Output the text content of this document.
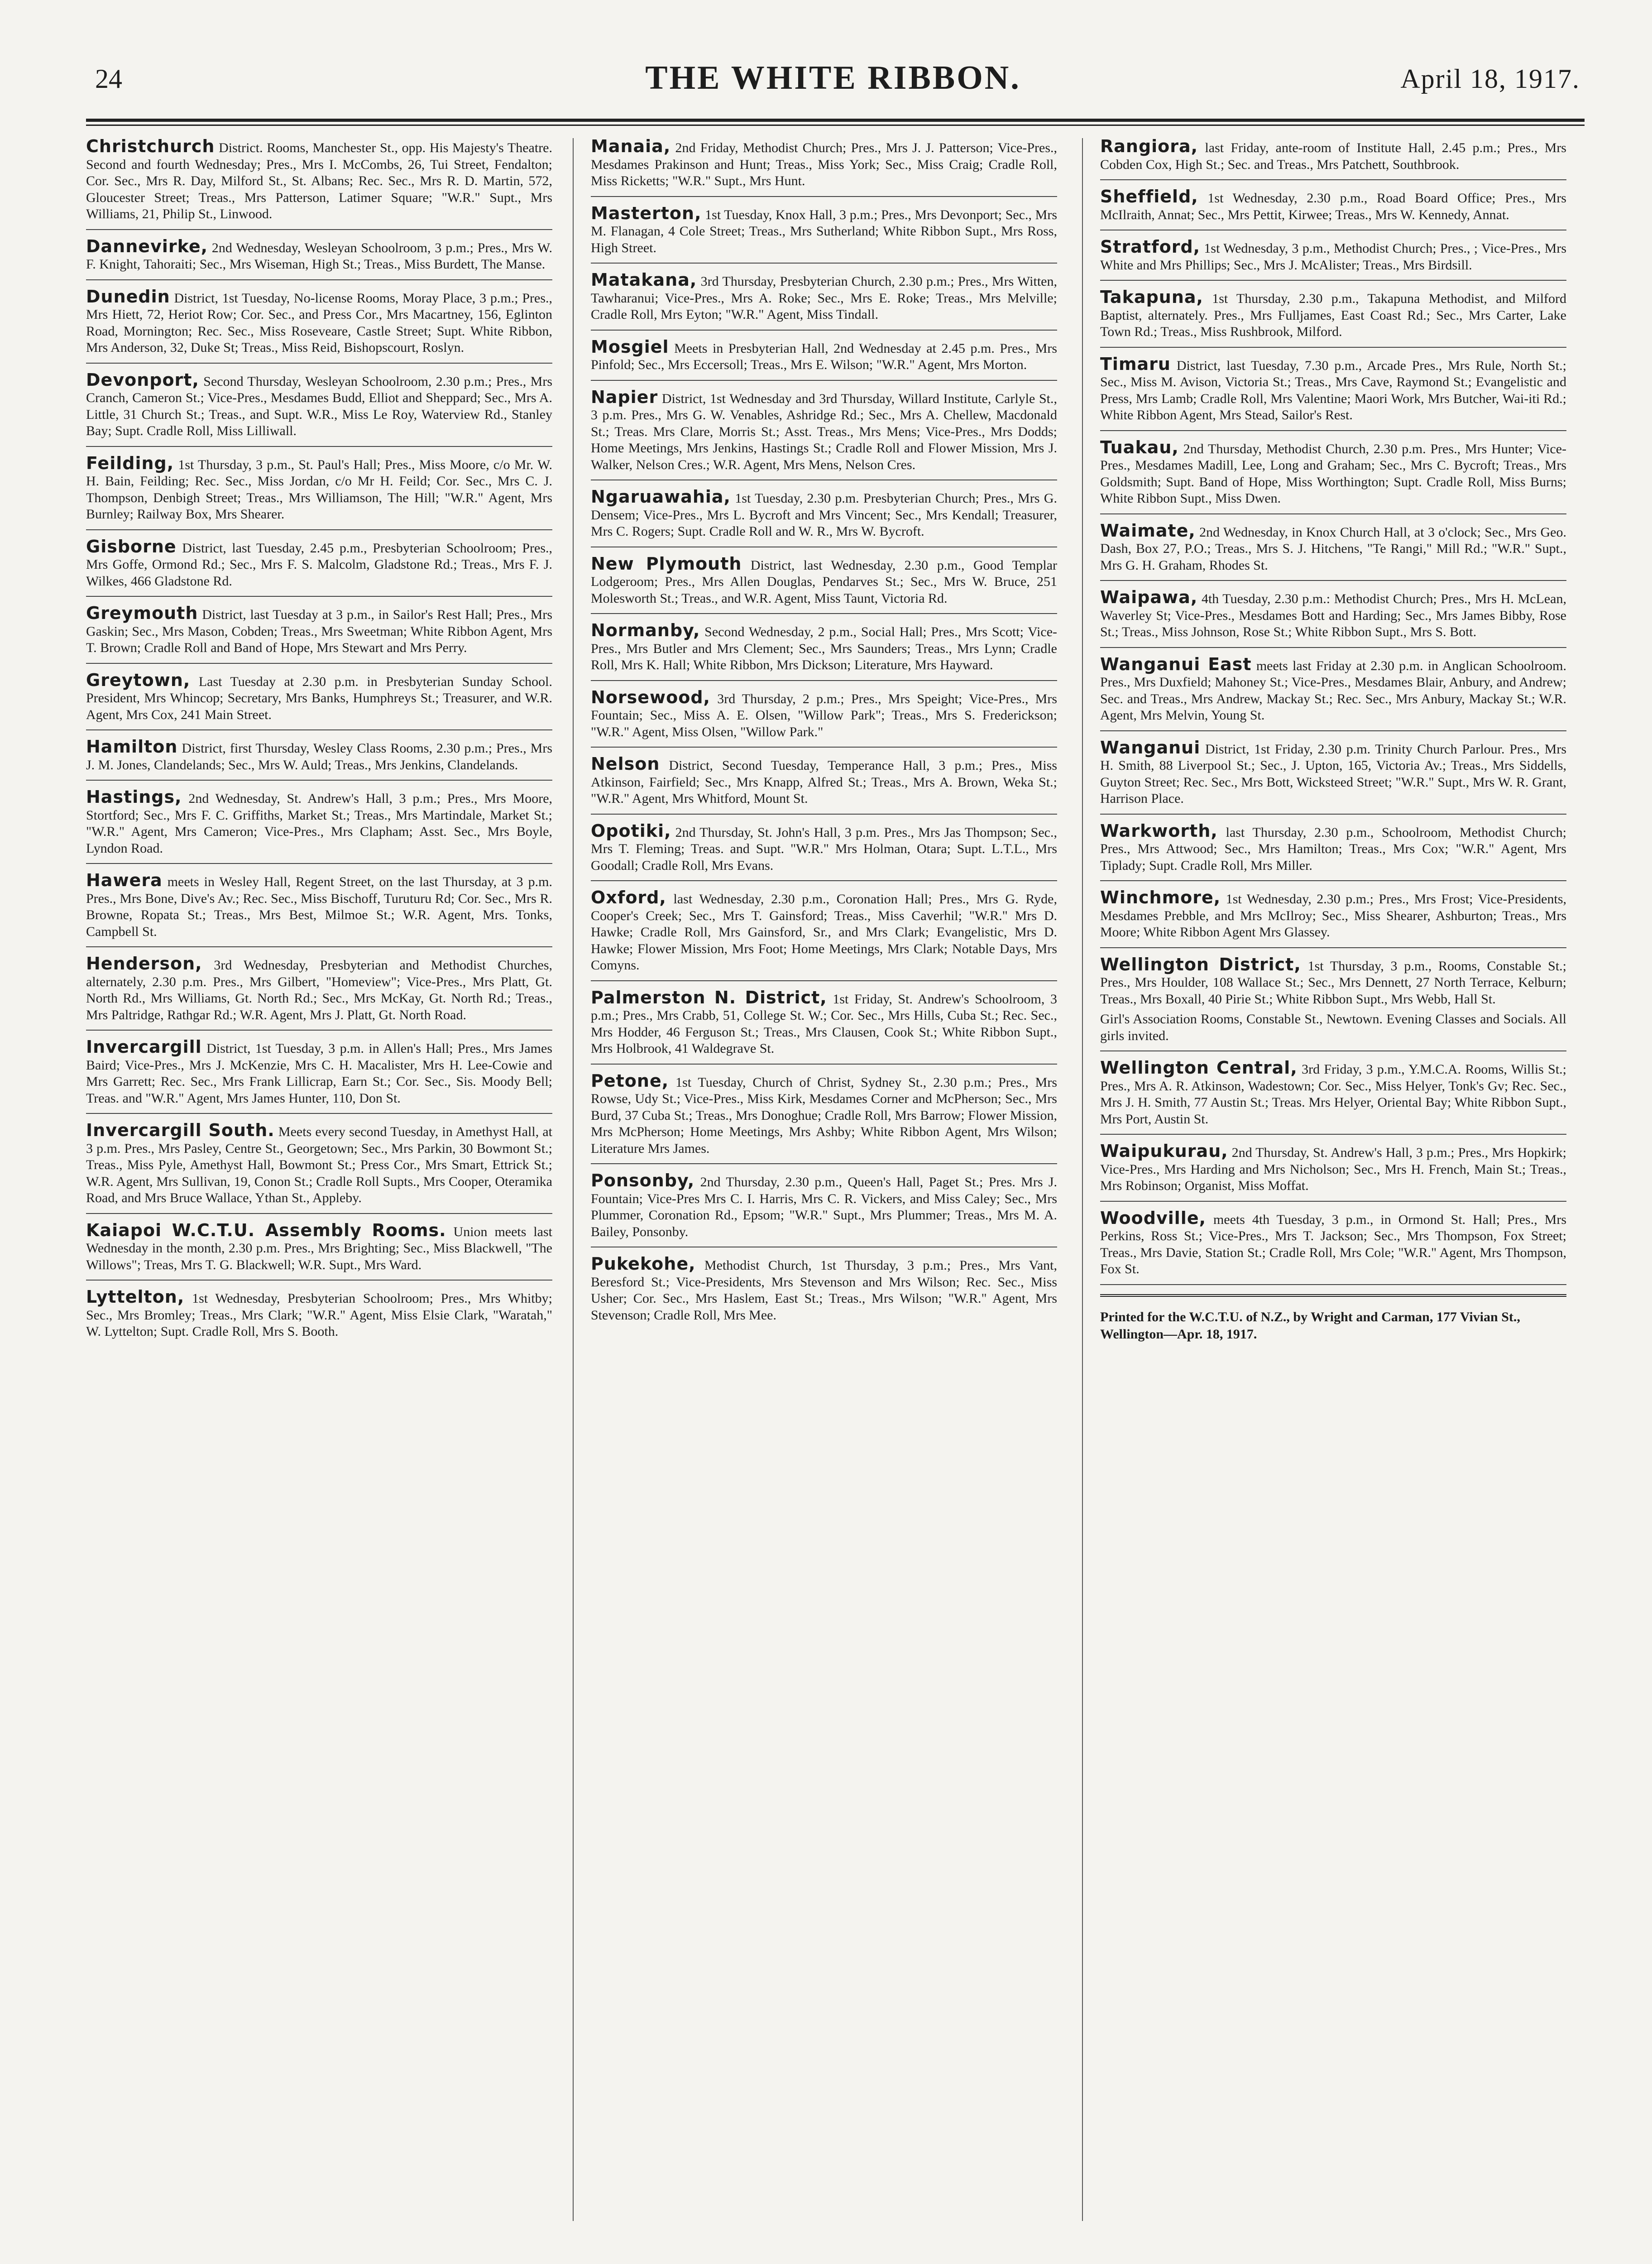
24	THE WHITE RIBBON.	April 18, 1917.

Christchurch District. Rooms, Manchester St., opp. His Majesty's Theatre. Second and fourth Wednesday; Pres., Mrs I. McCombs, 26, Tui Street, Fendalton; Cor. Sec., Mrs R. Day, Milford St., St. Albans; Rec. Sec., Mrs R. D. Martin, 572, Gloucester Street; Treas., Mrs Patterson, Latimer Square; "W.R." Supt., Mrs Williams, 21, Philip St., Linwood.

Dannevirke, 2nd Wednesday, Wesleyan Schoolroom, 3 p.m.; Pres., Mrs W. F. Knight, Tahoraiti; Sec., Mrs Wiseman, High St.; Treas., Miss Burdett, The Manse.

Dunedin District, 1st Tuesday, No-license Rooms, Moray Place, 3 p.m.; Pres., Mrs Hiett, 72, Heriot Row; Cor. Sec., and Press Cor., Mrs Macartney, 156, Eglinton Road, Mornington; Rec. Sec., Miss Roseveare, Castle Street; Supt. White Ribbon, Mrs Anderson, 32, Duke St; Treas., Miss Reid, Bishopscourt, Roslyn.

Devonport, Second Thursday, Wesleyan Schoolroom, 2.30 p.m.; Pres., Mrs Cranch, Cameron St.; Vice-Pres., Mesdames Budd, Elliot and Sheppard; Sec., Mrs A. Little, 31 Church St.; Treas., and Supt. W.R., Miss Le Roy, Waterview Rd., Stanley Bay; Supt. Cradle Roll, Miss Lilliwall.

Feilding, 1st Thursday, 3 p.m., St. Paul's Hall; Pres., Miss Moore, c/o Mr. W. H. Bain, Feilding; Rec. Sec., Miss Jordan, c/o Mr H. Feild; Cor. Sec., Mrs C. J. Thompson, Denbigh Street; Treas., Mrs Williamson, The Hill; "W.R." Agent, Mrs Burnley; Railway Box, Mrs Shearer.

Gisborne District, last Tuesday, 2.45 p.m., Presbyterian Schoolroom; Pres., Mrs Goffe, Ormond Rd.; Sec., Mrs F. S. Malcolm, Gladstone Rd.; Treas., Mrs F. J. Wilkes, 466 Gladstone Rd.

Greymouth District, last Tuesday at 3 p.m., in Sailor's Rest Hall; Pres., Mrs Gaskin; Sec., Mrs Mason, Cobden; Treas., Mrs Sweetman; White Ribbon Agent, Mrs T. Brown; Cradle Roll and Band of Hope, Mrs Stewart and Mrs Perry.

Greytown, Last Tuesday at 2.30 p.m. in Presbyterian Sunday School. President, Mrs Whincop; Secretary, Mrs Banks, Humphreys St.; Treasurer, and W.R. Agent, Mrs Cox, 241 Main Street.

Hamilton District, first Thursday, Wesley Class Rooms, 2.30 p.m.; Pres., Mrs J. M. Jones, Clandelands; Sec., Mrs W. Auld; Treas., Mrs Jenkins, Clandelands.

Hastings, 2nd Wednesday, St. Andrew's Hall, 3 p.m.; Pres., Mrs Moore, Stortford; Sec., Mrs F. C. Griffiths, Market St.; Treas., Mrs Martindale, Market St.; "W.R." Agent, Mrs Cameron; Vice-Pres., Mrs Clapham; Asst. Sec., Mrs Boyle, Lyndon Road.

Hawera meets in Wesley Hall, Regent Street, on the last Thursday, at 3 p.m. Pres., Mrs Bone, Dive's Av.; Rec. Sec., Miss Bischoff, Turuturu Rd; Cor. Sec., Mrs R. Browne, Ropata St.; Treas., Mrs Best, Milmoe St.; W.R. Agent, Mrs. Tonks, Campbell St.

Henderson, 3rd Wednesday, Presbyterian and Methodist Churches, alternately, 2.30 p.m. Pres., Mrs Gilbert, "Homeview"; Vice-Pres., Mrs Platt, Gt. North Rd., Mrs Williams, Gt. North Rd.; Sec., Mrs McKay, Gt. North Rd.; Treas., Mrs Paltridge, Rathgar Rd.; W.R. Agent, Mrs J. Platt, Gt. North Road.

Invercargill District, 1st Tuesday, 3 p.m. in Allen's Hall; Pres., Mrs James Baird; Vice-Pres., Mrs J. McKenzie, Mrs C. H. Macalister, Mrs H. Lee-Cowie and Mrs Garrett; Rec. Sec., Mrs Frank Lillicrap, Earn St.; Cor. Sec., Sis. Moody Bell; Treas. and "W.R." Agent, Mrs James Hunter, 110, Don St.

Invercargill South. Meets every second Tuesday, in Amethyst Hall, at 3 p.m. Pres., Mrs Pasley, Centre St., Georgetown; Sec., Mrs Parkin, 30 Bowmont St.; Treas., Miss Pyle, Amethyst Hall, Bowmont St.; Press Cor., Mrs Smart, Ettrick St.; W.R. Agent, Mrs Sullivan, 19, Conon St.; Cradle Roll Supts., Mrs Cooper, Oteramika Road, and Mrs Bruce Wallace, Ythan St., Appleby.

Kaiapoi W.C.T.U. Assembly Rooms. Union meets last Wednesday in the month, 2.30 p.m. Pres., Mrs Brighting; Sec., Miss Blackwell, "The Willows"; Treas, Mrs T. G. Blackwell; W.R. Supt., Mrs Ward.

Lyttelton, 1st Wednesday, Presbyterian Schoolroom; Pres., Mrs Whitby; Sec., Mrs Bromley; Treas., Mrs Clark; "W.R." Agent, Miss Elsie Clark, "Waratah," W. Lyttelton; Supt. Cradle Roll, Mrs S. Booth.

Manaia, 2nd Friday, Methodist Church; Pres., Mrs J. J. Patterson; Vice-Pres., Mesdames Prakinson and Hunt; Treas., Miss York; Sec., Miss Craig; Cradle Roll, Miss Ricketts; "W.R." Supt., Mrs Hunt.

Masterton, 1st Tuesday, Knox Hall, 3 p.m.; Pres., Mrs Devonport; Sec., Mrs M. Flanagan, 4 Cole Street; Treas., Mrs Sutherland; White Ribbon Supt., Mrs Ross, High Street.

Matakana, 3rd Thursday, Presbyterian Church, 2.30 p.m.; Pres., Mrs Witten, Tawharanui; Vice-Pres., Mrs A. Roke; Sec., Mrs E. Roke; Treas., Mrs Melville; Cradle Roll, Mrs Eyton; "W.R." Agent, Miss Tindall.

Mosgiel Meets in Presbyterian Hall, 2nd Wednesday at 2.45 p.m. Pres., Mrs Pinfold; Sec., Mrs Eccersoll; Treas., Mrs E. Wilson; "W.R." Agent, Mrs Morton.

Napier District, 1st Wednesday and 3rd Thursday, Willard Institute, Carlyle St., 3 p.m. Pres., Mrs G. W. Venables, Ashridge Rd.; Sec., Mrs A. Chellew, Macdonald St.; Treas. Mrs Clare, Morris St.; Asst. Treas., Mrs Mens; Vice-Pres., Mrs Dodds; Home Meetings, Mrs Jenkins, Hastings St.; Cradle Roll and Flower Mission, Mrs J. Walker, Nelson Cres.; W.R. Agent, Mrs Mens, Nelson Cres.

Ngaruawahia, 1st Tuesday, 2.30 p.m. Presbyterian Church; Pres., Mrs G. Densem; Vice-Pres., Mrs L. Bycroft and Mrs Vincent; Sec., Mrs Kendall; Treasurer, Mrs C. Rogers; Supt. Cradle Roll and W. R., Mrs W. Bycroft.

New Plymouth District, last Wednesday, 2.30 p.m., Good Templar Lodgeroom; Pres., Mrs Allen Douglas, Pendarves St.; Sec., Mrs W. Bruce, 251 Molesworth St.; Treas., and W.R. Agent, Miss Taunt, Victoria Rd.

Normanby, Second Wednesday, 2 p.m., Social Hall; Pres., Mrs Scott; Vice-Pres., Mrs Butler and Mrs Clement; Sec., Mrs Saunders; Treas., Mrs Lynn; Cradle Roll, Mrs K. Hall; White Ribbon, Mrs Dickson; Literature, Mrs Hayward.

Norsewood, 3rd Thursday, 2 p.m.; Pres., Mrs Speight; Vice-Pres., Mrs Fountain; Sec., Miss A. E. Olsen, "Willow Park"; Treas., Mrs S. Frederickson; "W.R." Agent, Miss Olsen, "Willow Park."

Nelson District, Second Tuesday, Temperance Hall, 3 p.m.; Pres., Miss Atkinson, Fairfield; Sec., Mrs Knapp, Alfred St.; Treas., Mrs A. Brown, Weka St.; "W.R." Agent, Mrs Whitford, Mount St.

Opotiki, 2nd Thursday, St. John's Hall, 3 p.m. Pres., Mrs Jas Thompson; Sec., Mrs T. Fleming; Treas. and Supt. "W.R." Mrs Holman, Otara; Supt. L.T.L., Mrs Goodall; Cradle Roll, Mrs Evans.

Oxford, last Wednesday, 2.30 p.m., Coronation Hall; Pres., Mrs G. Ryde, Cooper's Creek; Sec., Mrs T. Gainsford; Treas., Miss Caverhil; "W.R." Mrs D. Hawke; Cradle Roll, Mrs Gainsford, Sr., and Mrs Clark; Evangelistic, Mrs D. Hawke; Flower Mission, Mrs Foot; Home Meetings, Mrs Clark; Notable Days, Mrs Comyns.

Palmerston N. District, 1st Friday, St. Andrew's Schoolroom, 3 p.m.; Pres., Mrs Crabb, 51, College St. W.; Cor. Sec., Mrs Hills, Cuba St.; Rec. Sec., Mrs Hodder, 46 Ferguson St.; Treas., Mrs Clausen, Cook St.; White Ribbon Supt., Mrs Holbrook, 41 Waldegrave St.

Petone, 1st Tuesday, Church of Christ, Sydney St., 2.30 p.m.; Pres., Mrs Rowse, Udy St.; Vice-Pres., Miss Kirk, Mesdames Corner and McPherson; Sec., Mrs Burd, 37 Cuba St.; Treas., Mrs Donoghue; Cradle Roll, Mrs Barrow; Flower Mission, Mrs McPherson; Home Meetings, Mrs Ashby; White Ribbon Agent, Mrs Wilson; Literature Mrs James.

Ponsonby, 2nd Thursday, 2.30 p.m., Queen's Hall, Paget St.; Pres. Mrs J. Fountain; Vice-Pres Mrs C. I. Harris, Mrs C. R. Vickers, and Miss Caley; Sec., Mrs Plummer, Coronation Rd., Epsom; "W.R." Supt., Mrs Plummer; Treas., Mrs M. A. Bailey, Ponsonby.

Pukekohe, Methodist Church, 1st Thursday, 3 p.m.; Pres., Mrs Vant, Beresford St.; Vice-Presidents, Mrs Stevenson and Mrs Wilson; Rec. Sec., Miss Usher; Cor. Sec., Mrs Haslem, East St.; Treas., Mrs Wilson; "W.R." Agent, Mrs Stevenson; Cradle Roll, Mrs Mee.

Rangiora, last Friday, ante-room of Institute Hall, 2.45 p.m.; Pres., Mrs Cobden Cox, High St.; Sec. and Treas., Mrs Patchett, Southbrook.

Sheffield, 1st Wednesday, 2.30 p.m., Road Board Office; Pres., Mrs McIlraith, Annat; Sec., Mrs Pettit, Kirwee; Treas., Mrs W. Kennedy, Annat.

Stratford, 1st Wednesday, 3 p.m., Methodist Church; Pres., ; Vice-Pres., Mrs White and Mrs Phillips; Sec., Mrs J. McAlister; Treas., Mrs Birdsill.

Takapuna, 1st Thursday, 2.30 p.m., Takapuna Methodist, and Milford Baptist, alternately. Pres., Mrs Fulljames, East Coast Rd.; Sec., Mrs Carter, Lake Town Rd.; Treas., Miss Rushbrook, Milford.

Timaru District, last Tuesday, 7.30 p.m., Arcade Pres., Mrs Rule, North St.; Sec., Miss M. Avison, Victoria St.; Treas., Mrs Cave, Raymond St.; Evangelistic and Press, Mrs Lamb; Cradle Roll, Mrs Valentine; Maori Work, Mrs Butcher, Wai-iti Rd.; White Ribbon Agent, Mrs Stead, Sailor's Rest.

Tuakau, 2nd Thursday, Methodist Church, 2.30 p.m. Pres., Mrs Hunter; Vice-Pres., Mesdames Madill, Lee, Long and Graham; Sec., Mrs C. Bycroft; Treas., Mrs Goldsmith; Supt. Band of Hope, Miss Worthington; Supt. Cradle Roll, Miss Burns; White Ribbon Supt., Miss Dwen.

Waimate, 2nd Wednesday, in Knox Church Hall, at 3 o'clock; Sec., Mrs Geo. Dash, Box 27, P.O.; Treas., Mrs S. J. Hitchens, "Te Rangi," Mill Rd.; "W.R." Supt., Mrs G. H. Graham, Rhodes St.

Waipawa, 4th Tuesday, 2.30 p.m.: Methodist Church; Pres., Mrs H. McLean, Waverley St; Vice-Pres., Mesdames Bott and Harding; Sec., Mrs James Bibby, Rose St.; Treas., Miss Johnson, Rose St.; White Ribbon Supt., Mrs S. Bott.

Wanganui East meets last Friday at 2.30 p.m. in Anglican Schoolroom. Pres., Mrs Duxfield; Mahoney St.; Vice-Pres., Mesdames Blair, Anbury, and Andrew; Sec. and Treas., Mrs Andrew, Mackay St.; Rec. Sec., Mrs Anbury, Mackay St.; W.R. Agent, Mrs Melvin, Young St.

Wanganui District, 1st Friday, 2.30 p.m. Trinity Church Parlour. Pres., Mrs H. Smith, 88 Liverpool St.; Sec., J. Upton, 165, Victoria Av.; Treas., Mrs Siddells, Guyton Street; Rec. Sec., Mrs Bott, Wicksteed Street; "W.R." Supt., Mrs W. R. Grant, Harrison Place.

Warkworth, last Thursday, 2.30 p.m., Schoolroom, Methodist Church; Pres., Mrs Attwood; Sec., Mrs Hamilton; Treas., Mrs Cox; "W.R." Agent, Mrs Tiplady; Supt. Cradle Roll, Mrs Miller.

Winchmore, 1st Wednesday, 2.30 p.m.; Pres., Mrs Frost; Vice-Presidents, Mesdames Prebble, and Mrs McIlroy; Sec., Miss Shearer, Ashburton; Treas., Mrs Moore; White Ribbon Agent Mrs Glassey.

Wellington District, 1st Thursday, 3 p.m., Rooms, Constable St.; Pres., Mrs Houlder, 108 Wallace St.; Sec., Mrs Dennett, 27 North Terrace, Kelburn; Treas., Mrs Boxall, 40 Pirie St.; White Ribbon Supt., Mrs Webb, Hall St.
Girl's Association Rooms, Constable St., Newtown. Evening Classes and Socials. All girls invited.

Wellington Central, 3rd Friday, 3 p.m., Y.M.C.A. Rooms, Willis St.; Pres., Mrs A. R. Atkinson, Wadestown; Cor. Sec., Miss Helyer, Tonk's Gv; Rec. Sec., Mrs J. H. Smith, 77 Austin St.; Treas. Mrs Helyer, Oriental Bay; White Ribbon Supt., Mrs Port, Austin St.

Waipukurau, 2nd Thursday, St. Andrew's Hall, 3 p.m.; Pres., Mrs Hopkirk; Vice-Pres., Mrs Harding and Mrs Nicholson; Sec., Mrs H. French, Main St.; Treas., Mrs Robinson; Organist, Miss Moffat.

Woodville, meets 4th Tuesday, 3 p.m., in Ormond St. Hall; Pres., Mrs Perkins, Ross St.; Vice-Pres., Mrs T. Jackson; Sec., Mrs Thompson, Fox Street; Treas., Mrs Davie, Station St.; Cradle Roll, Mrs Cole; "W.R." Agent, Mrs Thompson, Fox St.

Printed for the W.C.T.U. of N.Z., by Wright and Carman, 177 Vivian St., Wellington—Apr. 18, 1917.
